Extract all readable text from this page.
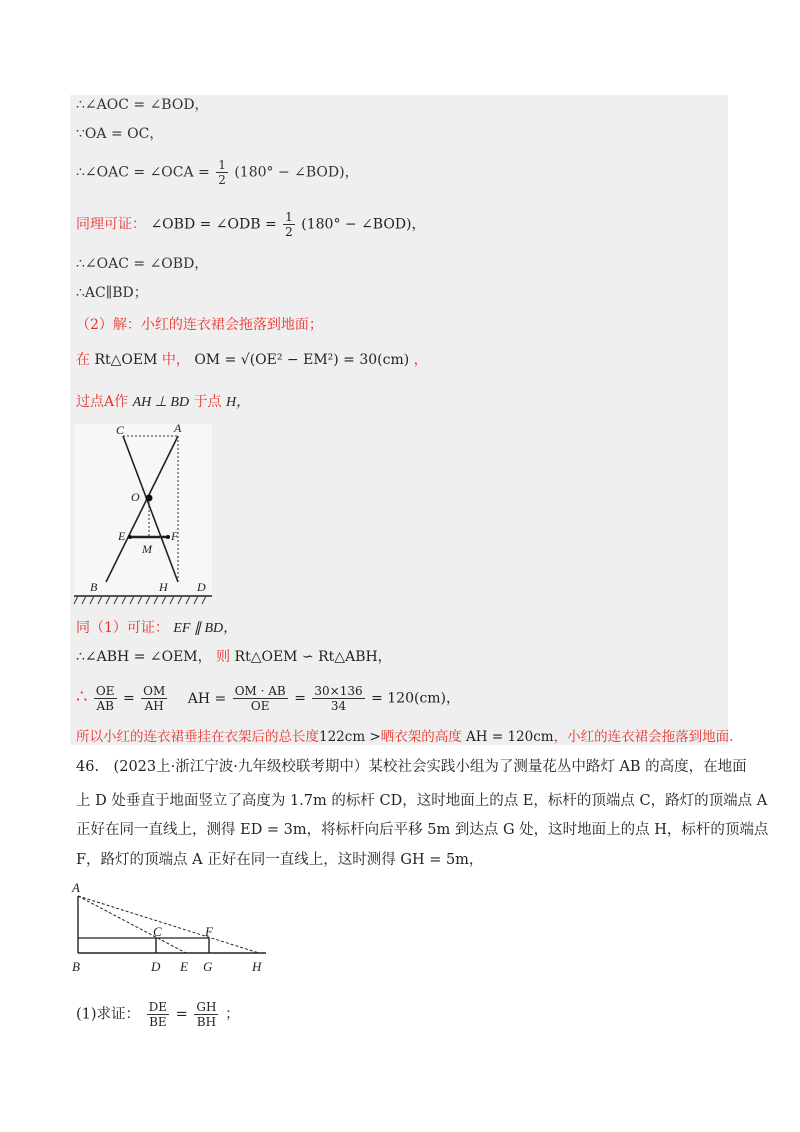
∴∠AOC = ∠BOD，
∵OA = OC，
∴∠OAC = ∠OCA = $\frac{1}{2} (180^\circ$ − ∠BOD)，
同理可证： ∠OBD = ∠ODB = $\frac{1}{2} (180^\circ$ − ∠BOD)，
∴∠OAC = ∠OBD，
∴AC∥BD；
（2）解：小红的连衣裙会拖落到地面；
在 Rt△OEM 中， OM = √(OE² − EM²) = 30(cm) ，
过点A作 AH ⊥ BD 于点 H，
C	A
O
E	F
M
B	H D
同（1）可证： EF ∥ BD，
∴∠ABH = ∠OEM， 则 Rt△OEM ∽ Rt△ABH，
∴ $\frac{OE}{AB} = \frac{OM}{AH}$ AH = $\frac{OM \cdot AB}{OE} = \frac{30\times 136}{34} = 120(cm)$，
所以小红的连衣裙垂挂在衣架后的总长度122cm >晒衣架的高度 AH = 120cm，小红的连衣裙会拖落到地面.
46.　(2023上·浙江宁波·九年级校联考期中）某校社会实践小组为了测量花丛中路灯 AB 的高度，在地面
上 D 处垂直于地面竖立了高度为 1.7m 的标杆 CD，这时地面上的点 E，标杆的顶端点 C，路灯的顶端点 A
正好在同一直线上，测得 ED = 3m，将标杆向后平移 5m 到达点 G 处，这时地面上的点 H，标杆的顶端点
F，路灯的顶端点 A 正好在同一直线上，这时测得 GH = 5m，
A
C	F
B	D E G	H
(1)求证： $\frac{DE}{BE} = \frac{GH}{BH}$ ；
